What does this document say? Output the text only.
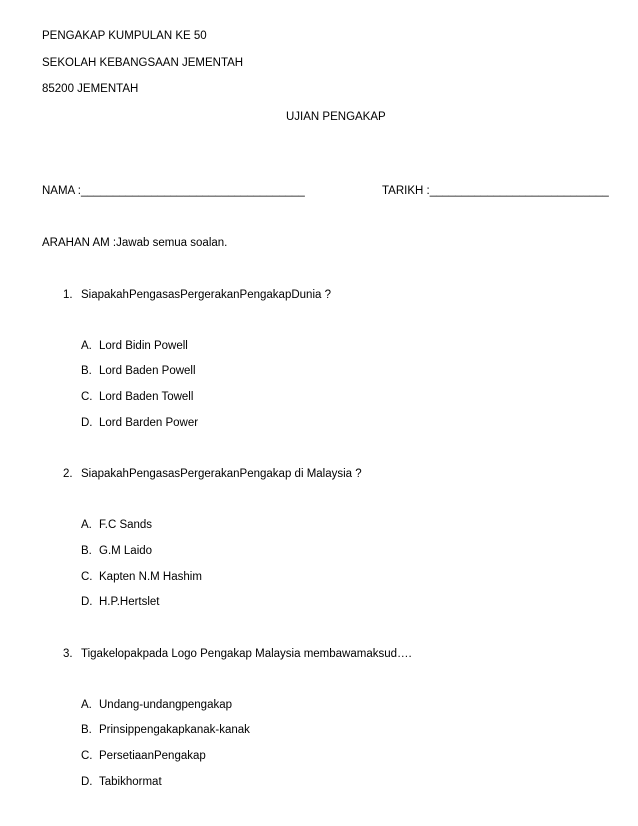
PENGAKAP KUMPULAN KE 50
SEKOLAH KEBANGSAAN JEMENTAH
85200 JEMENTAH
UJIAN PENGAKAP
NAMA :___________________________________	TARIKH :____________________________
ARAHAN AM :Jawab semua soalan.
1. SiapakahPengasasPergerakanPengakapDunia ?
A. Lord Bidin Powell
B. Lord Baden Powell
C. Lord Baden Towell
D. Lord Barden Power
2. SiapakahPengasasPergerakanPengakap di Malaysia ?
A. F.C Sands
B. G.M Laido
C. Kapten N.M Hashim
D. H.P.Hertslet
3. Tigakelopakpada Logo Pengakap Malaysia membawamaksud….
A. Undang-undangpengakap
B. Prinsippengakapkanak-kanak
C. PersetiaanPengakap
D. Tabikhormat
